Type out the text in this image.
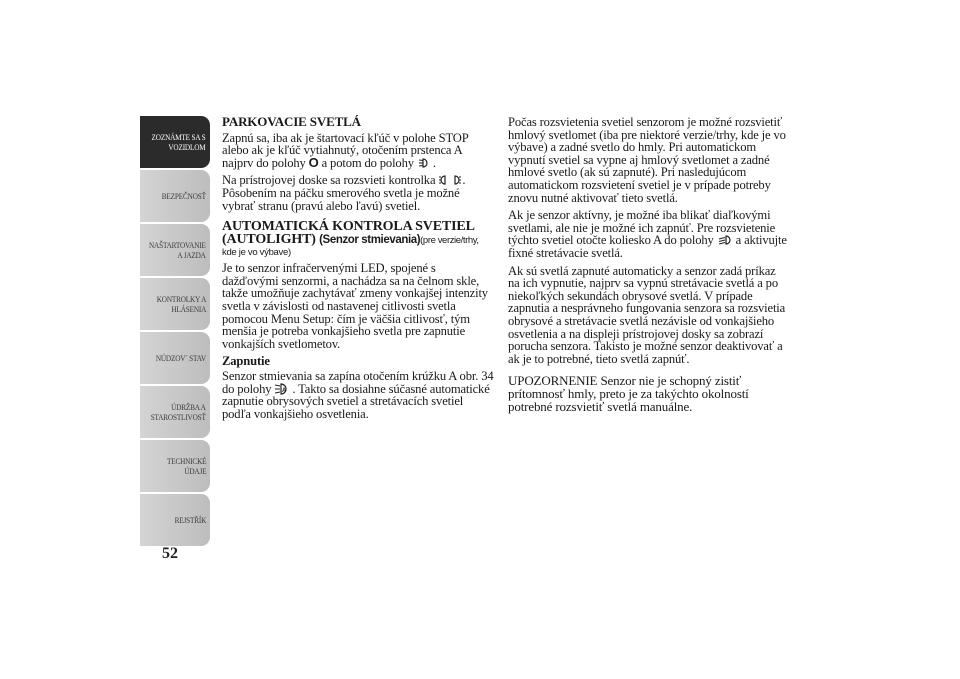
ZOZNÁMTE SA S
VOZIDLOM
BEZPEČNOSŤ
NAŠTARTOVANIE
A JAZDA
KONTROLKY A
HLÁSENIA
NÚDZOV´ STAV
ÚDRŽBA A
STAROSTLIVOSŤ
TECHNICKÉ
ÚDAJE
REJSTŘÍK
52
PARKOVACIE SVETLÁ

Zapnú sa, iba ak je štartovací kľúč v polohe STOP alebo ak je kľúč vytiahnutý, otočením prstenca A najprv do polohy O a potom do polohy .

Na prístrojovej doske sa rozsvieti kontrolka . Pôsobením na páčku smerového svetla je možné vybrať stranu (pravú alebo ľavú) svetiel.

AUTOMATICKÁ KONTROLA SVETIEL (AUTOLIGHT) (Senzor stmievania)(pre verzie/trhy,
kde je vo výbave)

Je to senzor infračervenými LED, spojené s dažďovými senzormi, a nachádza sa na čelnom skle, takže umožňuje zachytávať zmeny vonkajšej intenzity svetla v závislosti od nastavenej citlivosti svetla pomocou Menu Setup: čím je väčšia citlivosť, tým menšia je potreba vonkajšieho svetla pre zapnutie vonkajších svetlometov.

Zapnutie

Senzor stmievania sa zapína otočením krúžku A obr. 34 do polohy A . Takto sa dosiahne súčasné automatické zapnutie obrysových svetiel a stretávacích svetiel podľa vonkajšieho osvetlenia.

Počas rozsvietenia svetiel senzorom je možné rozsvietiť hmlový svetlomet (iba pre niektoré verzie/trhy, kde je vo výbave) a zadné svetlo do hmly. Pri automatickom vypnutí svetiel sa vypne aj hmlový svetlomet a zadné hmlové svetlo (ak sú zapnuté). Pri nasledujúcom automatickom rozsvietení svetiel je v prípade potreby znovu nutné aktivovať tieto svetlá.

Ak je senzor aktívny, je možné iba blikať diaľkovými svetlami, ale nie je možné ich zapnúť. Pre rozsvietenie týchto svetiel otočte koliesko A do polohy  a aktivujte fixné stretávacie svetlá.

Ak sú svetlá zapnuté automaticky a senzor zadá príkaz na ich vypnutie, najprv sa vypnú stretávacie svetlá a po niekoľkých sekundách obrysové svetlá. V prípade zapnutia a nesprávneho fungovania senzora sa rozsvietia obrysové a stretávacie svetlá nezávisle od vonkajšieho osvetlenia a na displeji prístrojovej dosky sa zobrazí porucha senzora. Takisto je možné senzor deaktivovať a ak je to potrebné, tieto svetlá zapnúť.

UPOZORNENIE Senzor nie je schopný zistiť prítomnosť hmly, preto je za takýchto okolností potrebné rozsvietiť svetlá manuálne.
